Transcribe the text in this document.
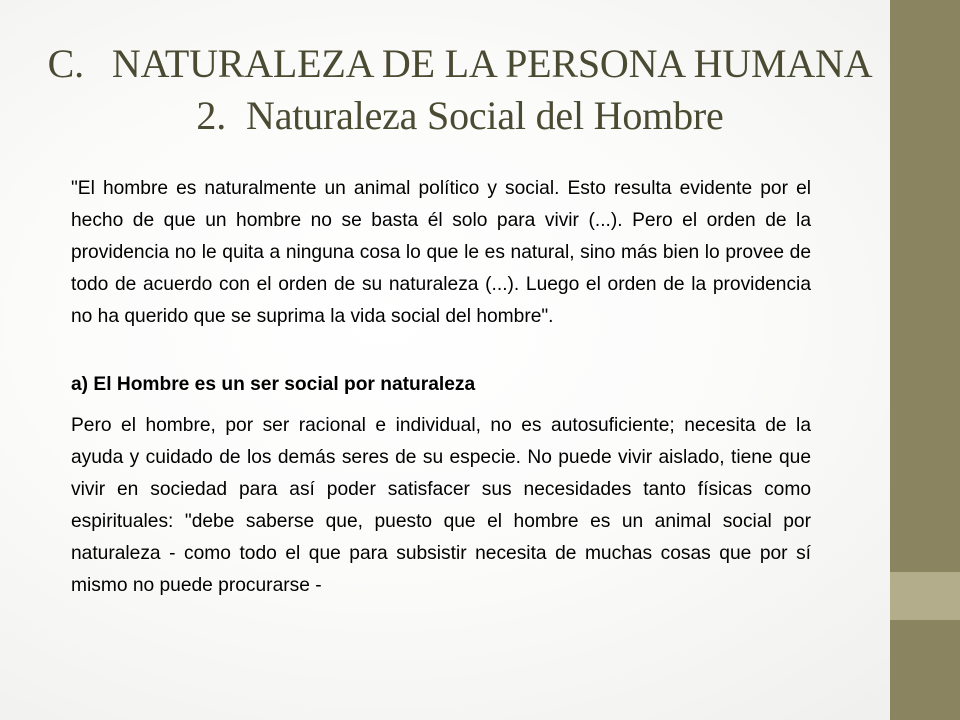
C. NATURALEZA DE LA PERSONA HUMANA
2. Naturaleza Social del Hombre

"El hombre es naturalmente un animal político y social. Esto resulta evidente por el hecho de que un hombre no se basta él solo para vivir (...). Pero el orden de la providencia no le quita a ninguna cosa lo que le es natural, sino más bien lo provee de todo de acuerdo con el orden de su naturaleza (...). Luego el orden de la providencia no ha querido que se suprima la vida social del hombre".

a) El Hombre es un ser social por naturaleza

Pero el hombre, por ser racional e individual, no es autosuficiente; necesita de la ayuda y cuidado de los demás seres de su especie. No puede vivir aislado, tiene que vivir en sociedad para así poder satisfacer sus necesidades tanto físicas como espirituales: "debe saberse que, puesto que el hombre es un animal social por naturaleza - como todo el que para subsistir necesita de muchas cosas que por sí mismo no puede procurarse -
